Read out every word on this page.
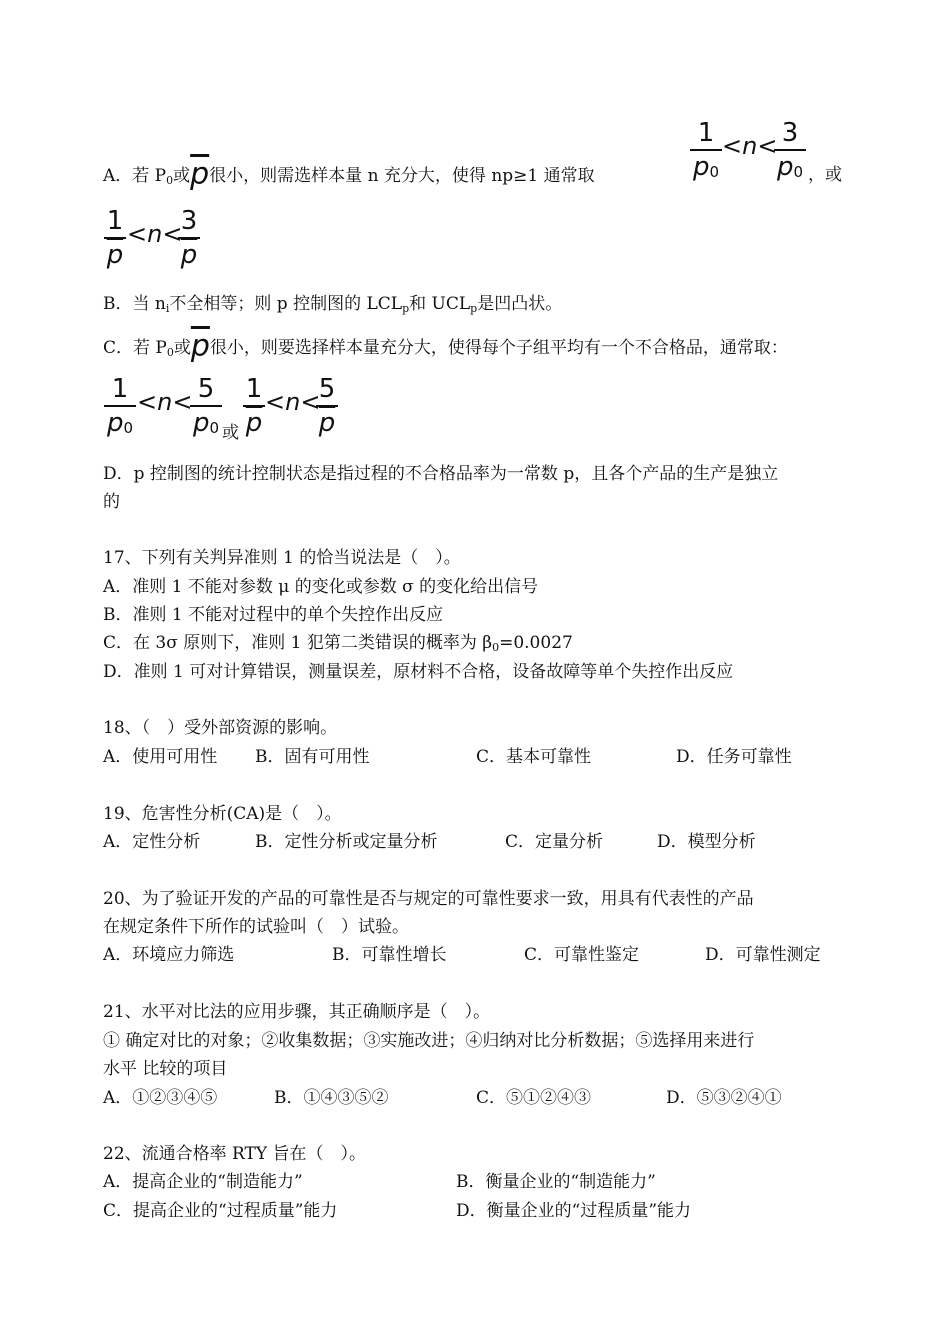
A．若 $P_0$或$\overline{p}$很小，则需选样本量 n 充分大，使得 np≥1 通常取
1
p0
<n< 3
p0 ，或
$\frac{1}{p} <n<$
$\frac{3}{p}$
B．当 $n_i$不全相等；则 p 控制图的 $LCL_p$和 $UCL_p$是凹凸状。
C．若 $P_0$或$\overline{p}$很小，则要选择样本量充分大，使得每个子组平均有一个不合格品，通常取：
1
p0
<n< 5
p0 或 $\frac{1}{p} <n<$
$\frac{5}{p}$
D．p 控制图的统计控制状态是指过程的不合格品率为一常数 p，且各个产品的生产是独立
的
17、下列有关判异准则 1 的恰当说法是（　）。
A．准则 1 不能对参数 μ 的变化或参数 σ 的变化给出信号
B．准则 1 不能对过程中的单个失控作出反应
C．在 3σ 原则下，准则 1 犯第二类错误的概率为 $\beta_0=0.0027$
D．准则 1 可对计算错误，测量误差，原材料不合格，设备故障等单个失控作出反应
18、（　）受外部资源的影响。
A．使用可用性 B．固有可用性	C．基本可靠性	D．任务可靠性
19、危害性分析(CA)是（　）。
A．定性分析	B．定性分析或定量分析	C．定量分析	D．模型分析
20、为了验证开发的产品的可靠性是否与规定的可靠性要求一致，用具有代表性的产品
在规定条件下所作的试验叫（　）试验。
A．环境应力筛选	B．可靠性增长	C．可靠性鉴定	D．可靠性测定
21、水平对比法的应用步骤，其正确顺序是（　）。
① 确定对比的对象；②收集数据；③实施改进；④归纳对比分析数据；⑤选择用来进行
水平 比较的项目
A．①②③④⑤	B．①④③⑤②	C．⑤①②④③	D．⑤③②④①
22、流通合格率 RTY 旨在（　）。
A．提高企业的“制造能力”	B．衡量企业的“制造能力”
C．提高企业的“过程质量”能力	D．衡量企业的“过程质量”能力
